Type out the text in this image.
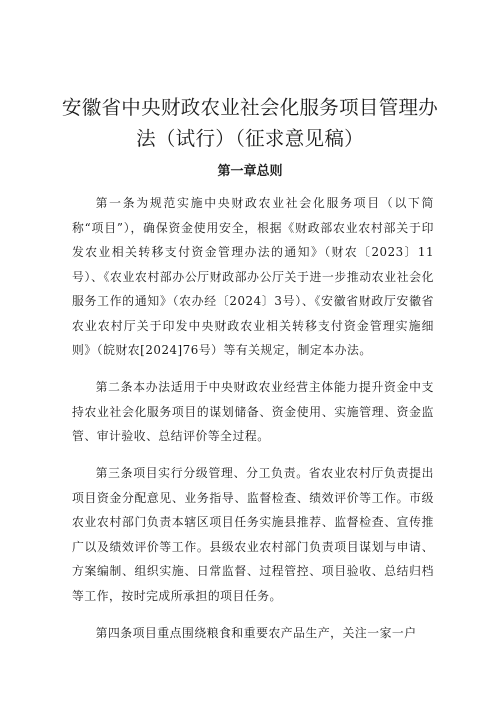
安徽省中央财政农业社会化服务项目管理办法（试行）（征求意见稿）
第一章总则

第一条为规范实施中央财政农业社会化服务项目（以下简称“项目”），确保资金使用安全，根据《财政部农业农村部关于印发农业相关转移支付资金管理办法的通知》（财农〔2023〕11号）、《农业农村部办公厅财政部办公厅关于进一步推动农业社会化服务工作的通知》（农办经〔2024〕3号）、《安徽省财政厅安徽省农业农村厅关于印发中央财政农业相关转移支付资金管理实施细则》（皖财农[2024]76号）等有关规定，制定本办法。

第二条本办法适用于中央财政农业经营主体能力提升资金中支持农业社会化服务项目的谋划储备、资金使用、实施管理、资金监管、审计验收、总结评价等全过程。

第三条项目实行分级管理、分工负责。省农业农村厅负责提出项目资金分配意见、业务指导、监督检查、绩效评价等工作。市级农业农村部门负责本辖区项目任务实施县推荐、监督检查、宣传推广以及绩效评价等工作。县级农业农村部门负责项目谋划与申请、方案编制、组织实施、日常监督、过程管控、项目验收、总结归档等工作，按时完成所承担的项目任务。

第四条项目重点围绕粮食和重要农产品生产，关注一家一户
